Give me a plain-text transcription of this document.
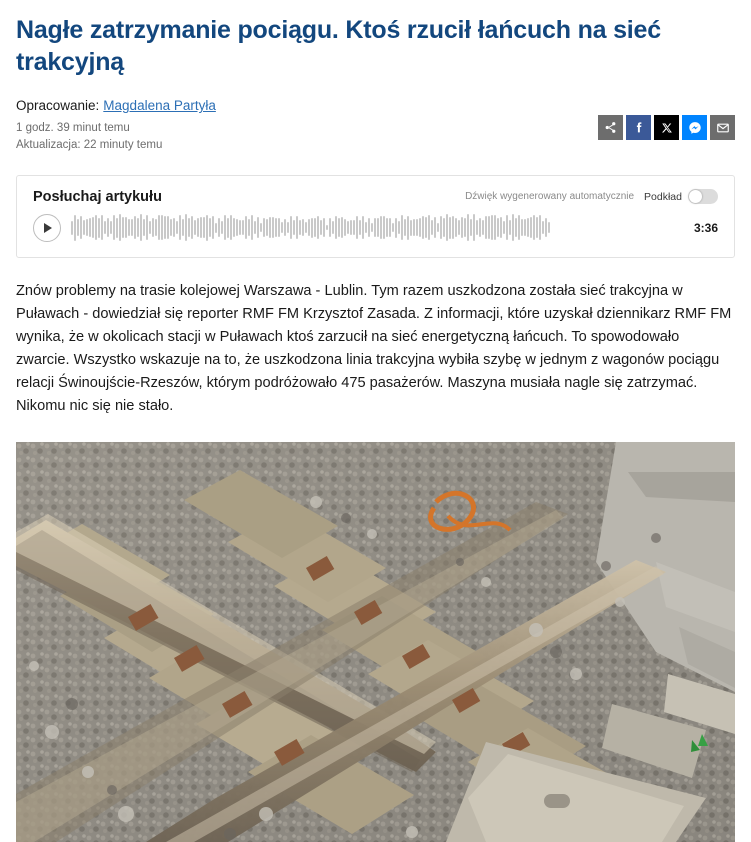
Nagłe zatrzymanie pociągu. Ktoś rzucił łańcuch na sieć trakcyjną
Opracowanie: Magdalena Partyła
1 godz. 39 minut temu
Aktualizacja: 22 minuty temu
Posłuchaj artykułu	Dźwięk wygenerowany automatycznie Podkład
3:36

Znów problemy na trasie kolejowej Warszawa - Lublin. Tym razem uszkodzona została sieć trakcyjna w Puławach - dowiedział się reporter RMF FM Krzysztof Zasada. Z informacji, które uzyskał dziennikarz RMF FM wynika, że w okolicach stacji w Puławach ktoś zarzucił na sieć energetyczną łańcuch. To spowodowało zwarcie. Wszystko wskazuje na to, że uszkodzona linia trakcyjna wybiła szybę w jednym z wagonów pociągu relacji Świnoujście-Rzeszów, którym podróżowało 475 pasażerów. Maszyna musiała nagle się zatrzymać. Nikomu nic się nie stało.
